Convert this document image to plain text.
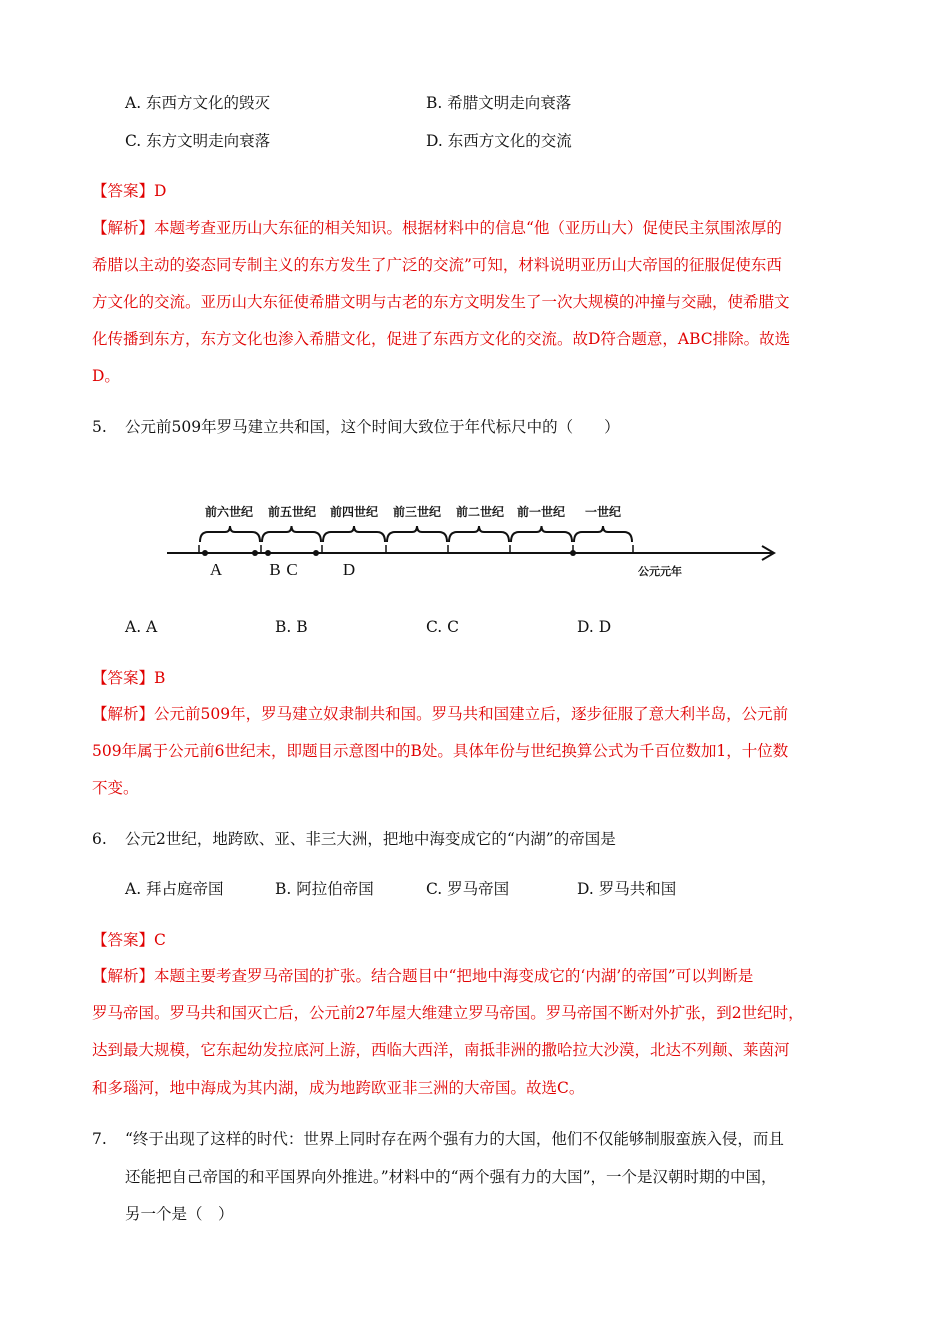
A. 东西方文化的毁灭	B. 希腊文明走向衰落
C. 东方文明走向衰落	D. 东西方文化的交流
【答案】D
【解析】本题考查亚历山大东征的相关知识。根据材料中的信息“他（亚历山大）促使民主氛围浓厚的
希腊以主动的姿态同专制主义的东方发生了广泛的交流”可知，材料说明亚历山大帝国的征服促使东西
方文化的交流。亚历山大东征使希腊文明与古老的东方文明发生了一次大规模的冲撞与交融，使希腊文
化传播到东方，东方文化也渗入希腊文化，促进了东西方文化的交流。故D符合题意，ABC排除。故选
D。
5. 公元前509年罗马建立共和国，这个时间大致位于年代标尺中的（　　）
前六世纪 前五世纪 前四世纪 前三世纪 前二世纪 前一世纪 一世纪
公元元年
A	B C	D
A. A	B. B	C. C	D. D
【答案】B
【解析】公元前509年，罗马建立奴隶制共和国。罗马共和国建立后，逐步征服了意大利半岛，公元前
509年属于公元前6世纪末，即题目示意图中的B处。具体年份与世纪换算公式为千百位数加1，十位数
不变。
6. 公元2世纪，地跨欧、亚、非三大洲，把地中海变成它的“内湖”的帝国是
A. 拜占庭帝国	B. 阿拉伯帝国	C. 罗马帝国	D. 罗马共和国
【答案】C
【解析】本题主要考查罗马帝国的扩张。结合题目中“把地中海变成它的‘内湖’的帝国”可以判断是
罗马帝国。罗马共和国灭亡后，公元前27年屋大维建立罗马帝国。罗马帝国不断对外扩张，到2世纪时，
达到最大规模，它东起幼发拉底河上游，西临大西洋，南抵非洲的撒哈拉大沙漠，北达不列颠、莱茵河
和多瑙河，地中海成为其内湖，成为地跨欧亚非三洲的大帝国。故选C。
7. “终于出现了这样的时代：世界上同时存在两个强有力的大国，他们不仅能够制服蛮族入侵，而且
还能把自己帝国的和平国界向外推进。”材料中的“两个强有力的大国”，一个是汉朝时期的中国，
另一个是（　）
